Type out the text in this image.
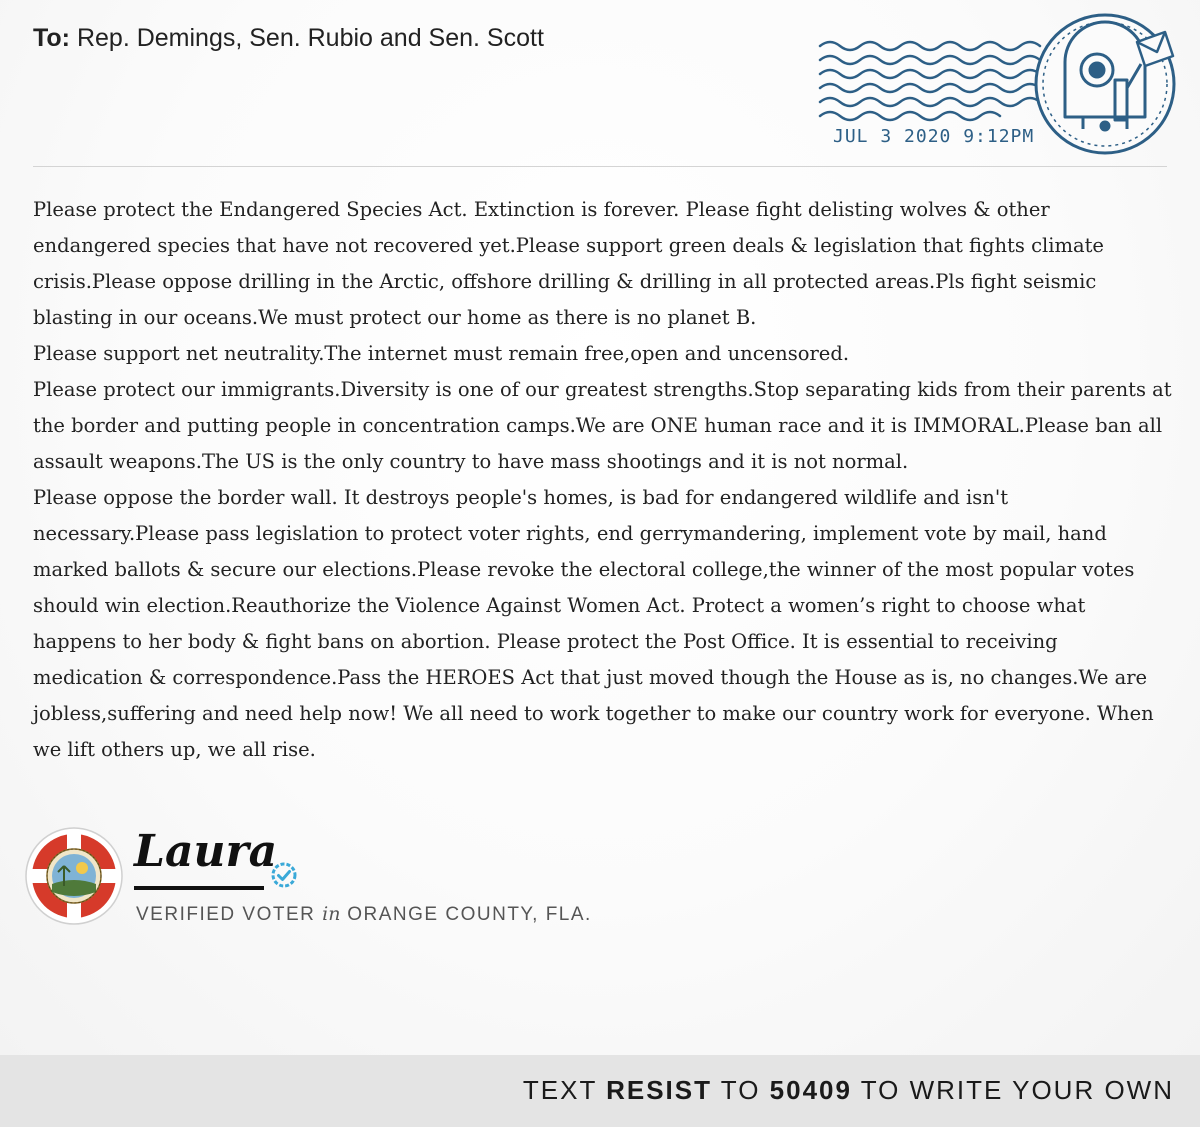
To: Rep. Demings, Sen. Rubio and Sen. Scott
JUL 3 2020 9:12PM

Please protect the Endangered Species Act. Extinction is forever. Please fight delisting wolves & other endangered species that have not recovered yet.Please support green deals & legislation that fights climate crisis.Please oppose drilling in the Arctic, offshore drilling & drilling in all protected areas.Pls fight seismic blasting in our oceans.We must protect our home as there is no planet B.

Please support net neutrality.The internet must remain free,open and uncensored.

Please protect our immigrants.Diversity is one of our greatest strengths.Stop separating kids from their parents at the border and putting people in concentration camps.We are ONE human race and it is IMMORAL.Please ban all assault weapons.The US is the only country to have mass shootings and it is not normal.

Please oppose the border wall. It destroys people's homes, is bad for endangered wildlife and isn't necessary.Please pass legislation to protect voter rights, end gerrymandering, implement vote by mail, hand marked ballots & secure our elections.Please revoke the electoral college,the winner of the most popular votes should win election.Reauthorize the Violence Against Women Act. Protect a women’s right to choose what happens to her body & fight bans on abortion. Please protect the Post Office. It is essential to receiving medication & correspondence.Pass the HEROES Act that just moved though the House as is, no changes.We are jobless,suffering and need help now! We all need to work together to make our country work for everyone. When we lift others up, we all rise.

Laura
VERIFIED VOTER in ORANGE COUNTY, FLA.
TEXT RESIST TO 50409 TO WRITE YOUR OWN
